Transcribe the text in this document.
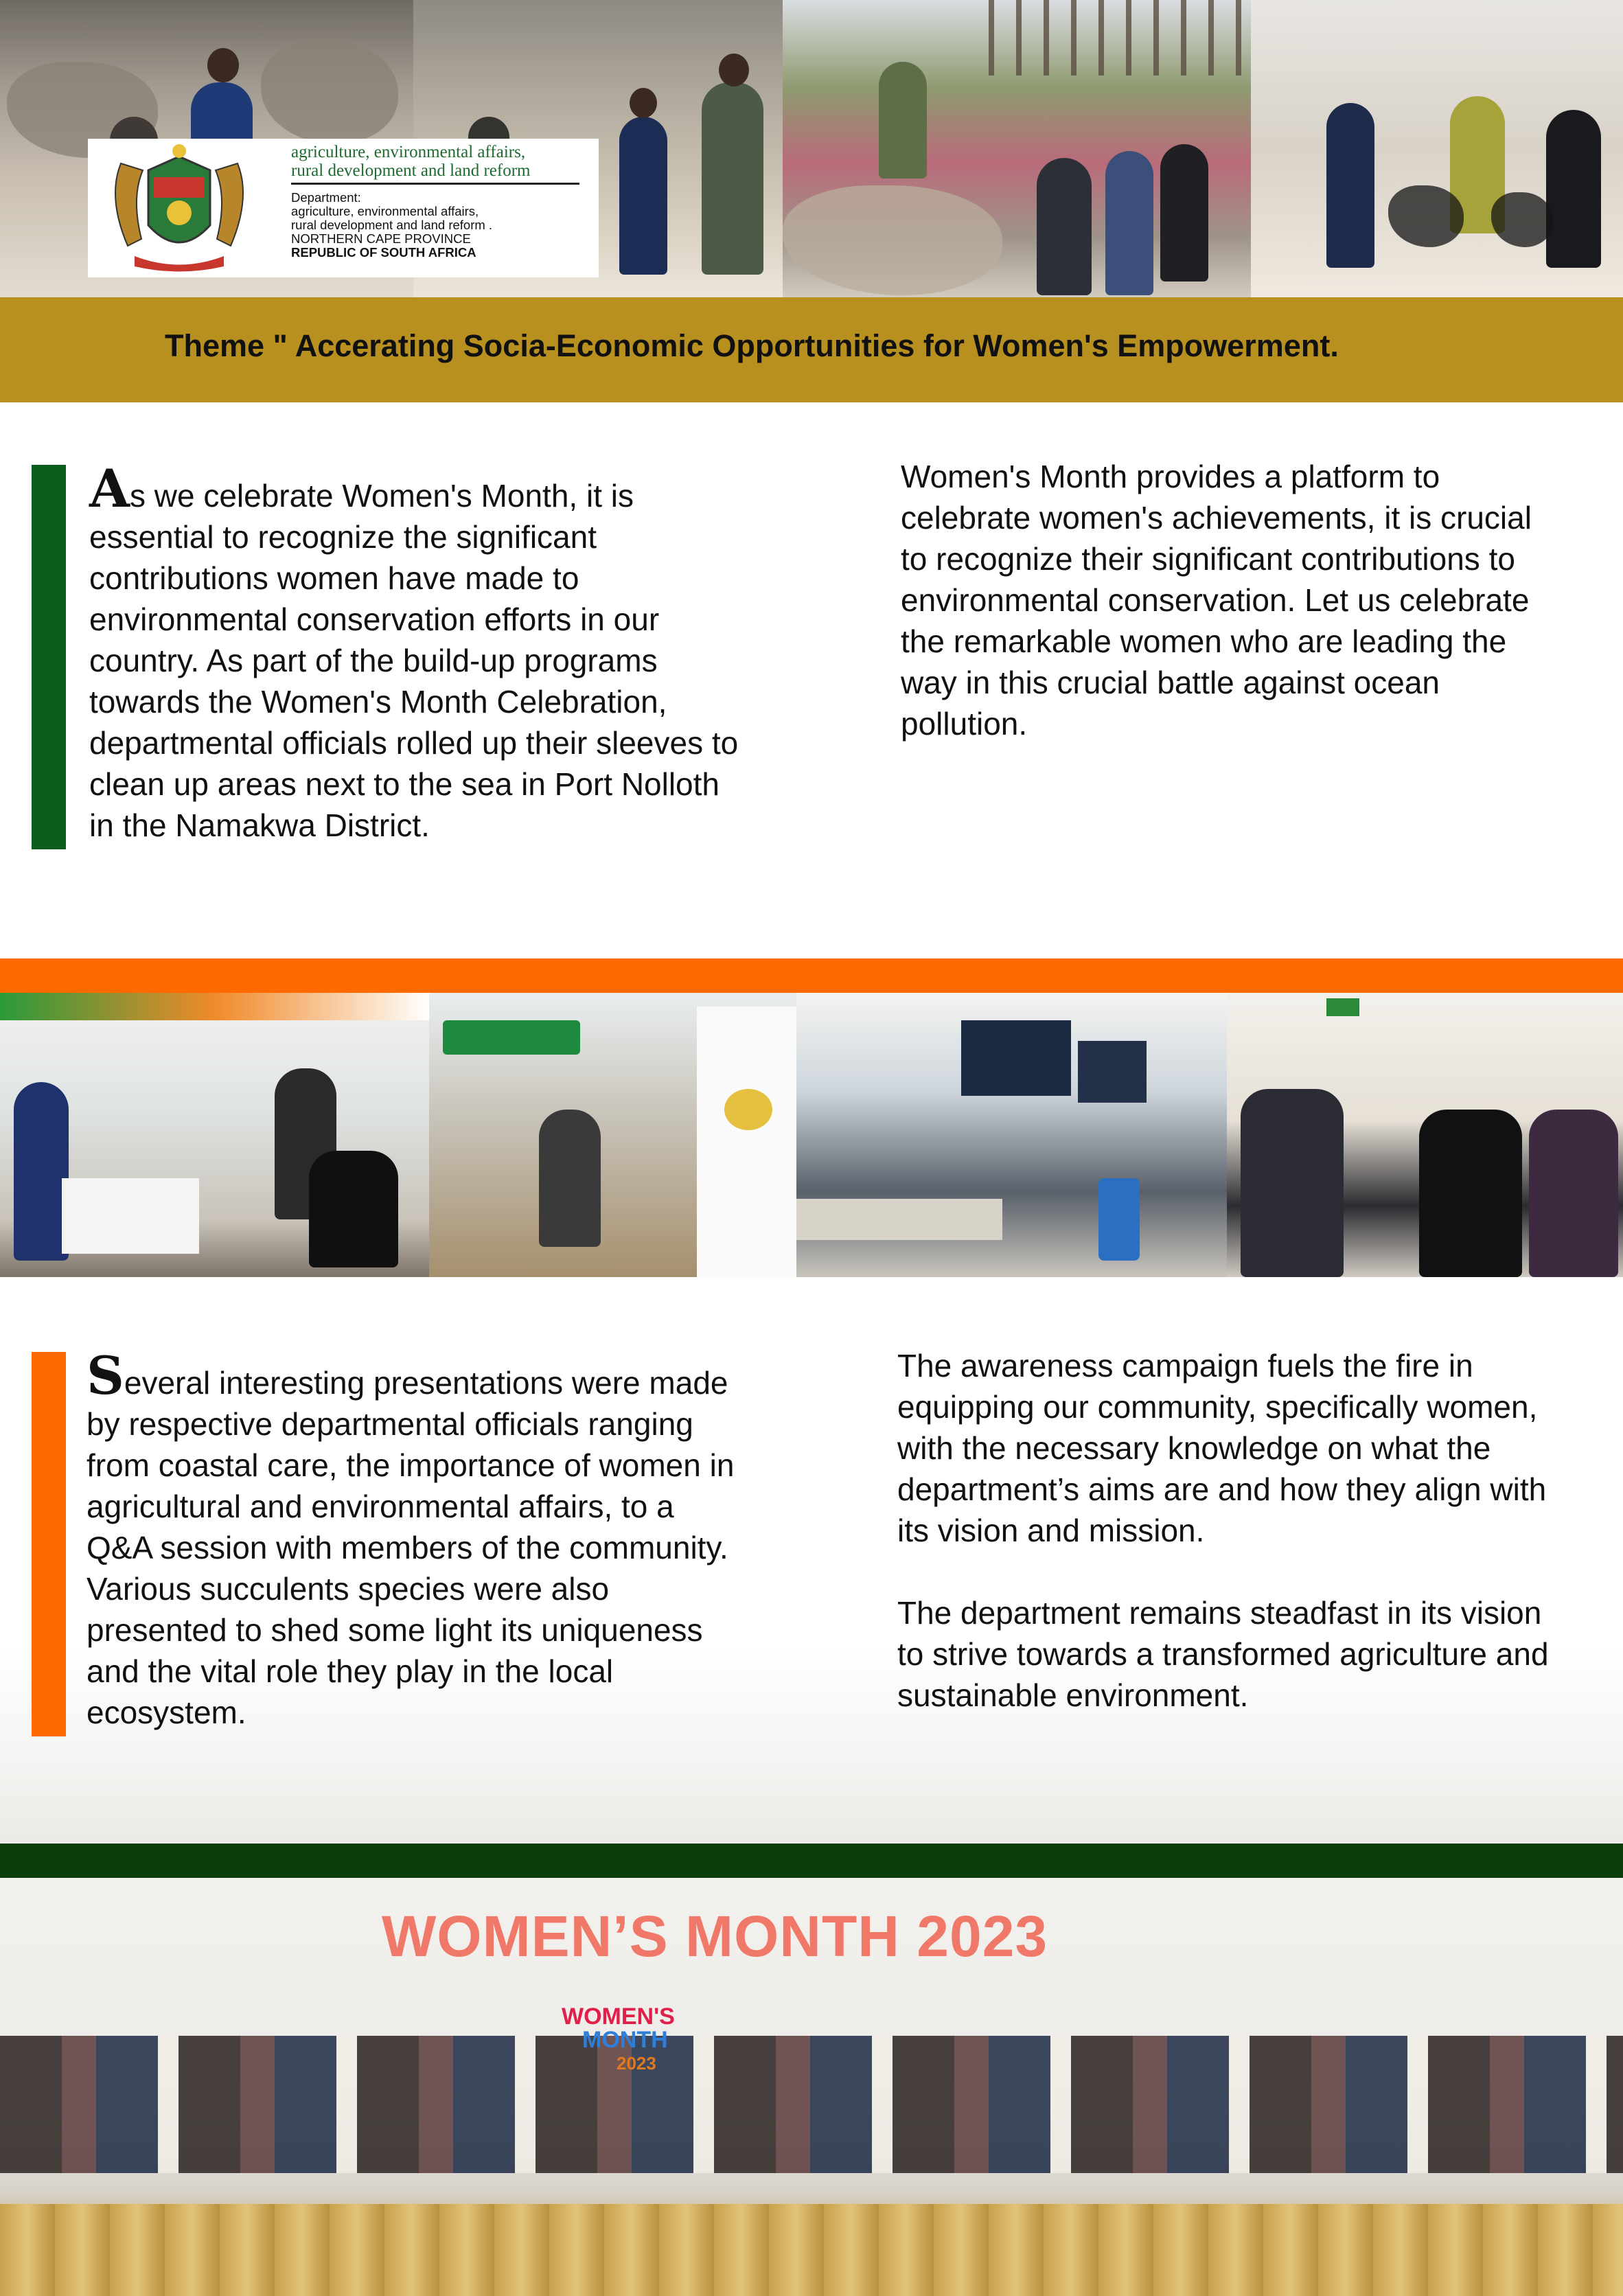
agriculture, environmental affairs,
rural development and land reform
Department:
agriculture, environmental affairs,
rural development and land reform .
NORTHERN CAPE PROVINCE
REPUBLIC OF SOUTH AFRICA
Theme " Accerating Socia-Economic Opportunities for Women's Empowerment.
As we celebrate Women's Month, it is essential to recognize the significant contributions women have made to environmental conservation efforts in our country. As part of the build-up programs towards the Women's Month Celebration, departmental officials rolled up their sleeves to clean up areas next to the sea in Port Nolloth in the Namakwa District.
Women's Month provides a platform to celebrate women's achievements, it is crucial to recognize their significant contributions to environmental conservation. Let us celebrate the remarkable women who are leading the way in this crucial battle against ocean pollution.
Several interesting presentations were made by respective departmental officials ranging from coastal care, the importance of women in agricultural and environmental affairs, to a Q&A session with members of the community. Various succulents species were also presented to shed some light its uniqueness and the vital role they play in the local ecosystem.
The awareness campaign fuels the fire in equipping our community, specifically women, with the necessary knowledge on what the department’s aims are and how they align with its vision and mission.
The department remains steadfast in its vision to strive towards a transformed agriculture and sustainable environment.
WOMEN’S MONTH 2023
WOMEN'S
MONTH
2023
